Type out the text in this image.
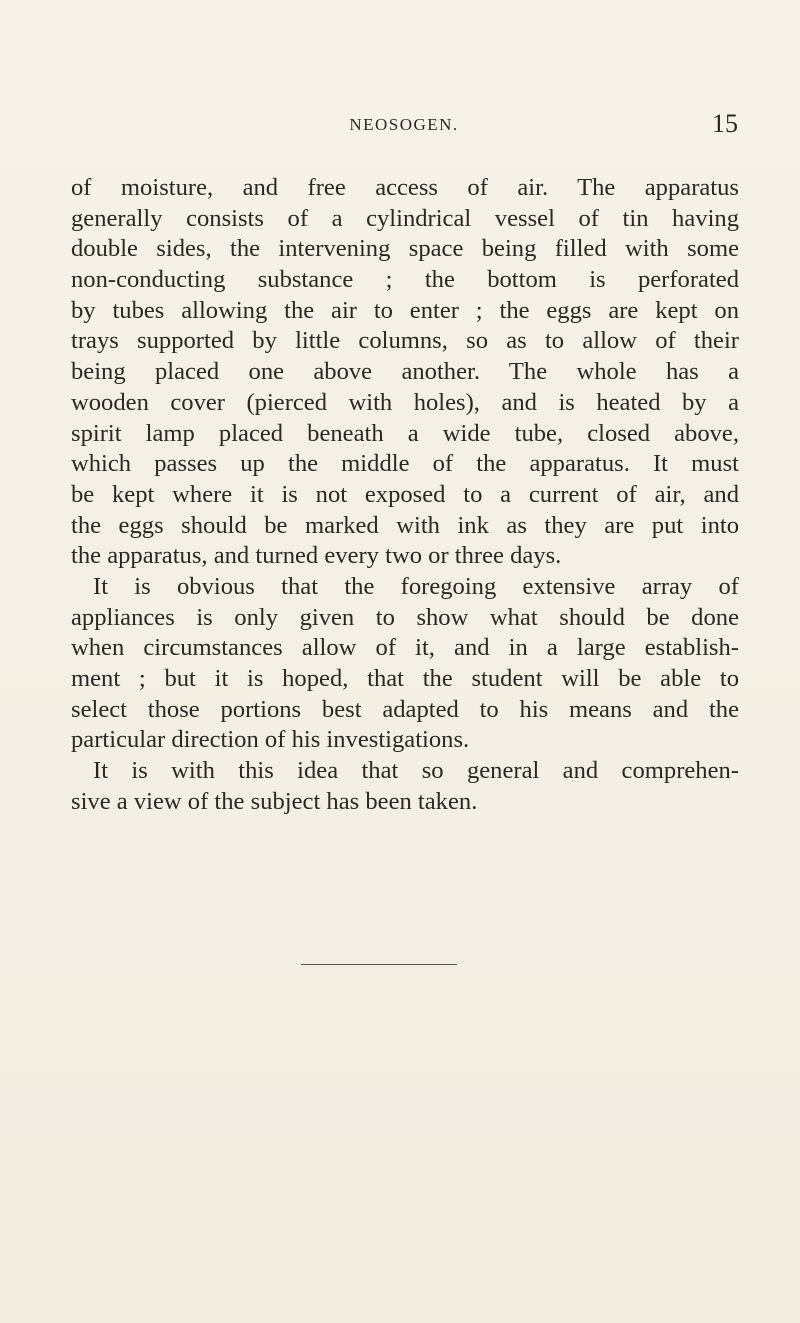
NEOSOGEN.	15
of moisture, and free access of air. The apparatus
generally consists of a cylindrical vessel of tin having
double sides, the intervening space being filled with some
non-conducting substance ; the bottom is perforated
by tubes allowing the air to enter ; the eggs are kept on
trays supported by little columns, so as to allow of their
being placed one above another. The whole has a
wooden cover (pierced with holes), and is heated by a
spirit lamp placed beneath a wide tube, closed above,
which passes up the middle of the apparatus. It must
be kept where it is not exposed to a current of air, and
the eggs should be marked with ink as they are put into
the apparatus, and turned every two or three days.
It is obvious that the foregoing extensive array of
appliances is only given to show what should be done
when circumstances allow of it, and in a large establish-
ment ; but it is hoped, that the student will be able to
select those portions best adapted to his means and the
particular direction of his investigations.
It is with this idea that so general and comprehen-
sive a view of the subject has been taken.
